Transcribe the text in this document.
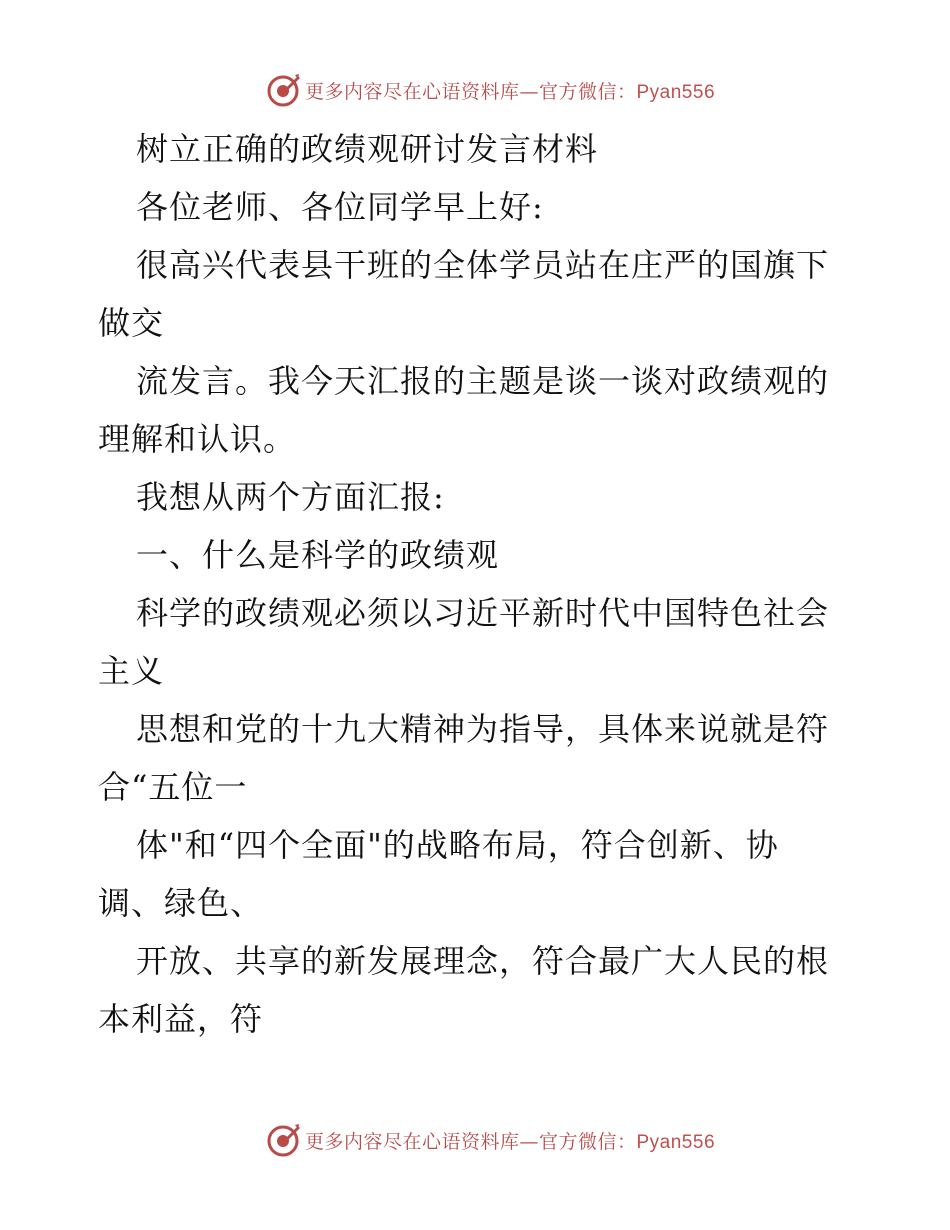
更多内容尽在心语资料库—官方微信：Pyan556
树立正确的政绩观研讨发言材料
各位老师、各位同学早上好:
很高兴代表县干班的全体学员站在庄严的国旗下
做交
流发言。我今天汇报的主题是谈一谈对政绩观的
理解和认识。
我想从两个方面汇报:
一、什么是科学的政绩观
科学的政绩观必须以习近平新时代中国特色社会
主义
思想和党的十九大精神为指导，具体来说就是符
合“五位一
体"和“四个全面"的战略布局，符合创新、协
调、绿色、
开放、共享的新发展理念，符合最广大人民的根
本利益，符
更多内容尽在心语资料库—官方微信：Pyan556
